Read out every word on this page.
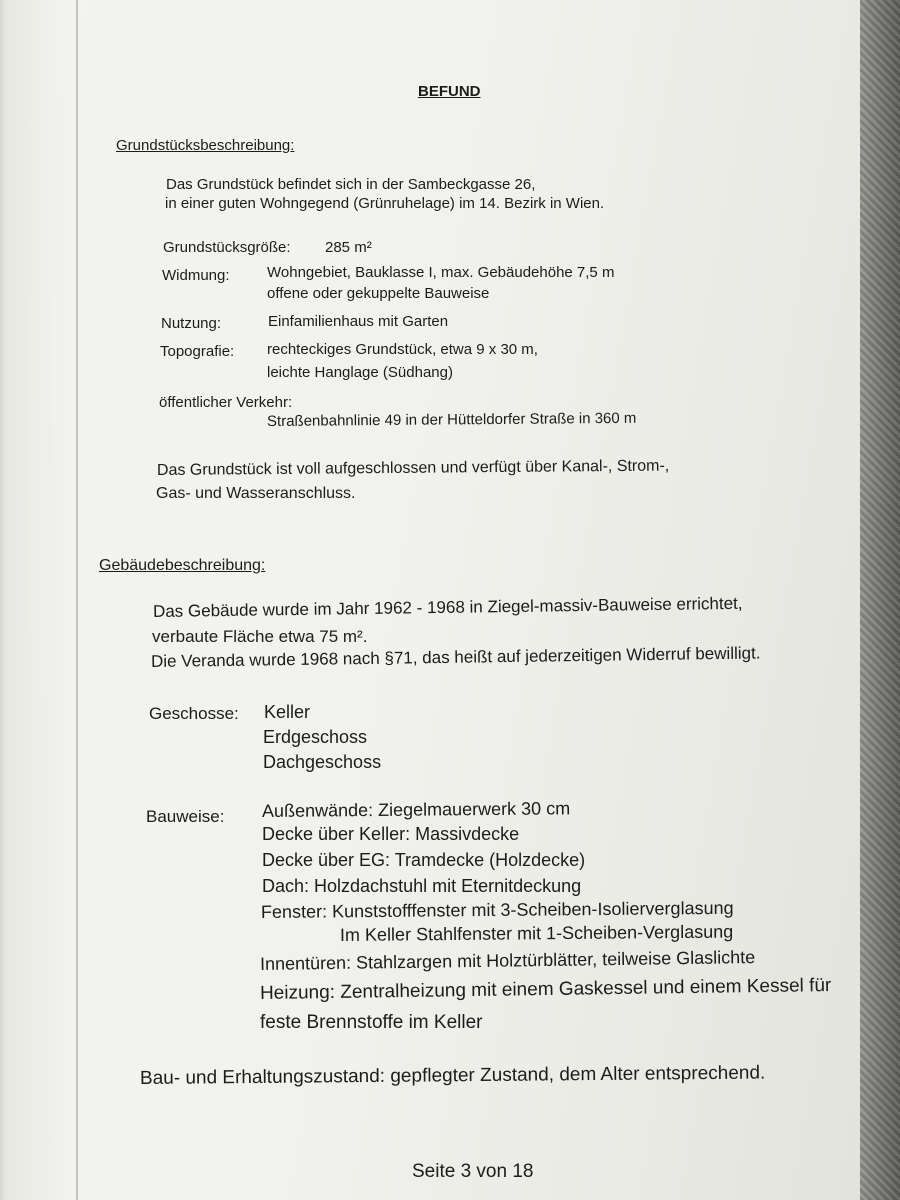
BEFUND
Grundstücksbeschreibung:
Das Grundstück befindet sich in der Sambeckgasse 26,
in einer guten Wohngegend (Grünruhelage) im 14. Bezirk in Wien.
Grundstücksgröße: 285 m²
Widmung: Wohngebiet, Bauklasse I, max. Gebäudehöhe 7,5 m
offene oder gekuppelte Bauweise
Nutzung:	Einfamilienhaus mit Garten
Topografie: rechteckiges Grundstück, etwa 9 x 30 m,
leichte Hanglage (Südhang)
öffentlicher Verkehr:
Straßenbahnlinie 49 in der Hütteldorfer Straße in 360 m
Das Grundstück ist voll aufgeschlossen und verfügt über Kanal-, Strom-,
Gas- und Wasseranschluss.
Gebäudebeschreibung:
Das Gebäude wurde im Jahr 1962 - 1968 in Ziegel-massiv-Bauweise errichtet,
verbaute Fläche etwa 75 m².
Die Veranda wurde 1968 nach §71, das heißt auf jederzeitigen Widerruf bewilligt.
Geschosse: Keller
Erdgeschoss
Dachgeschoss
Bauweise: Außenwände: Ziegelmauerwerk 30 cm
Decke über Keller: Massivdecke
Decke über EG: Tramdecke (Holzdecke)
Dach: Holzdachstuhl mit Eternitdeckung
Fenster: Kunststofffenster mit 3-Scheiben-Isolierverglasung
Im Keller Stahlfenster mit 1-Scheiben-Verglasung
Innentüren: Stahlzargen mit Holztürblätter, teilweise Glaslichte
Heizung: Zentralheizung mit einem Gaskessel und einem Kessel für
feste Brennstoffe im Keller
Bau- und Erhaltungszustand: gepflegter Zustand, dem Alter entsprechend.
Seite 3 von 18
